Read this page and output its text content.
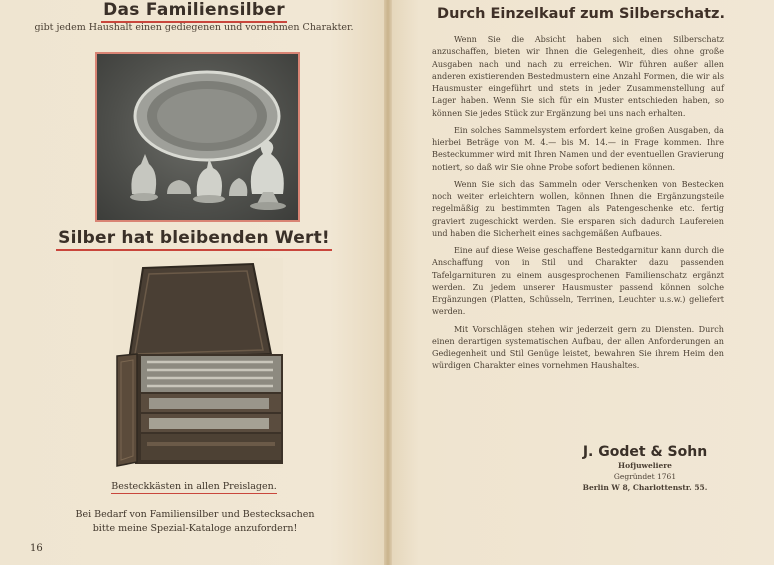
Das Familiensilber
gibt jedem Haushalt einen gediegenen und vornehmen Charakter.
Silber hat bleibenden Wert!
Besteckkästen in allen Preislagen.
Bei Bedarf von Familiensilber und Bestecksachen
bitte meine Spezial-Kataloge anzufordern!
16
Durch Einzelkauf zum Silberschatz.

Wenn Sie die Absicht haben sich einen Silberschatz anzuschaffen, bieten wir Ihnen die Gelegenheit, dies ohne große Ausgaben nach und nach zu erreichen. Wir führen außer allen anderen existierenden Bestedmustern eine Anzahl Formen, die wir als Hausmuster eingeführt und stets in jeder Zusammenstellung auf Lager haben. Wenn Sie sich für ein Muster entschieden haben, so können Sie jedes Stück zur Ergänzung bei uns nach erhalten.

Ein solches Sammelsystem erfordert keine großen Ausgaben, da hierbei Beträge von M. 4.— bis M. 14.— in Frage kommen. Ihre Besteckummer wird mit Ihren Namen und der eventuellen Gravierung notiert, so daß wir Sie ohne Probe sofort bedienen können.

Wenn Sie sich das Sammeln oder Verschenken von Bestecken noch weiter erleichtern wollen, können Ihnen die Ergänzungsteile regelmäßig zu bestimmten Tagen als Patengeschenke etc. fertig graviert zugeschickt werden. Sie ersparen sich dadurch Laufereien und haben die Sicherheit eines sachgemäßen Aufbaues.

Eine auf diese Weise geschaffene Bestedgarnitur kann durch die Anschaffung von in Stil und Charakter dazu passenden Tafelgarnituren zu einem ausgesprochenen Familienschatz ergänzt werden. Zu jedem unserer Hausmuster passend können solche Ergänzungen (Platten, Schüsseln, Terrinen, Leuchter u.s.w.) geliefert werden.

Mit Vorschlägen stehen wir jederzeit gern zu Diensten. Durch einen derartigen systematischen Aufbau, der allen Anforderungen an Gediegenheit und Stil Genüge leistet, bewahren Sie ihrem Heim den würdigen Charakter eines vornehmen Haushaltes.

J. Godet & Sohn
Hofjuweliere
Gegründet 1761
Berlin W 8, Charlottenstr. 55.
